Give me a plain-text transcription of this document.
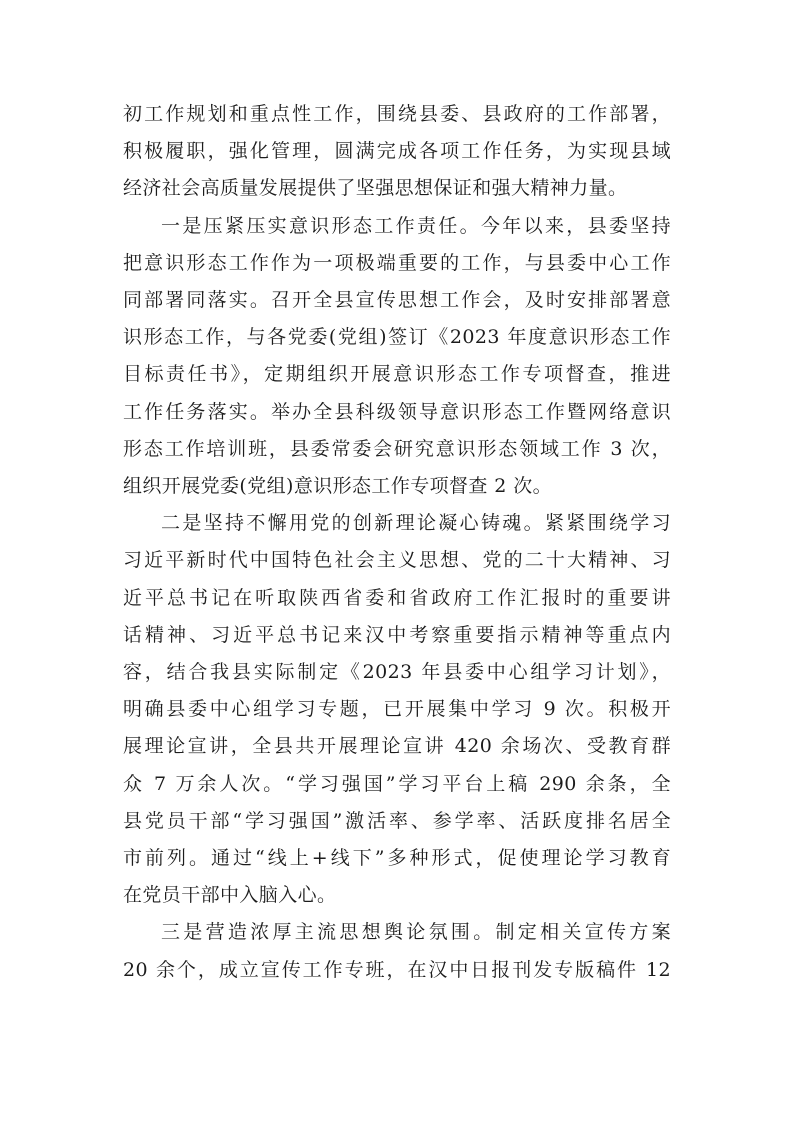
初工作规划和重点性工作，围绕县委、县政府的工作部署，
积极履职，强化管理，圆满完成各项工作任务，为实现县域
经济社会高质量发展提供了坚强思想保证和强大精神力量。
一是压紧压实意识形态工作责任。今年以来，县委坚持
把意识形态工作作为一项极端重要的工作，与县委中心工作
同部署同落实。召开全县宣传思想工作会，及时安排部署意
识形态工作，与各党委(党组)签订《2023 年度意识形态工作
目标责任书》，定期组织开展意识形态工作专项督查，推进
工作任务落实。举办全县科级领导意识形态工作暨网络意识
形态工作培训班，县委常委会研究意识形态领域工作 3 次，
组织开展党委(党组)意识形态工作专项督查 2 次。
二是坚持不懈用党的创新理论凝心铸魂。紧紧围绕学习
习近平新时代中国特色社会主义思想、党的二十大精神、习
近平总书记在听取陕西省委和省政府工作汇报时的重要讲
话精神、习近平总书记来汉中考察重要指示精神等重点内
容，结合我县实际制定《2023 年县委中心组学习计划》，
明确县委中心组学习专题，已开展集中学习 9 次。积极开
展理论宣讲，全县共开展理论宣讲 420 余场次、受教育群
众 7 万余人次。“学习强国”学习平台上稿 290 余条，全
县党员干部“学习强国”激活率、参学率、活跃度排名居全
市前列。通过“线上+线下”多种形式，促使理论学习教育
在党员干部中入脑入心。
三是营造浓厚主流思想舆论氛围。制定相关宣传方案
20 余个，成立宣传工作专班，在汉中日报刊发专版稿件 12
